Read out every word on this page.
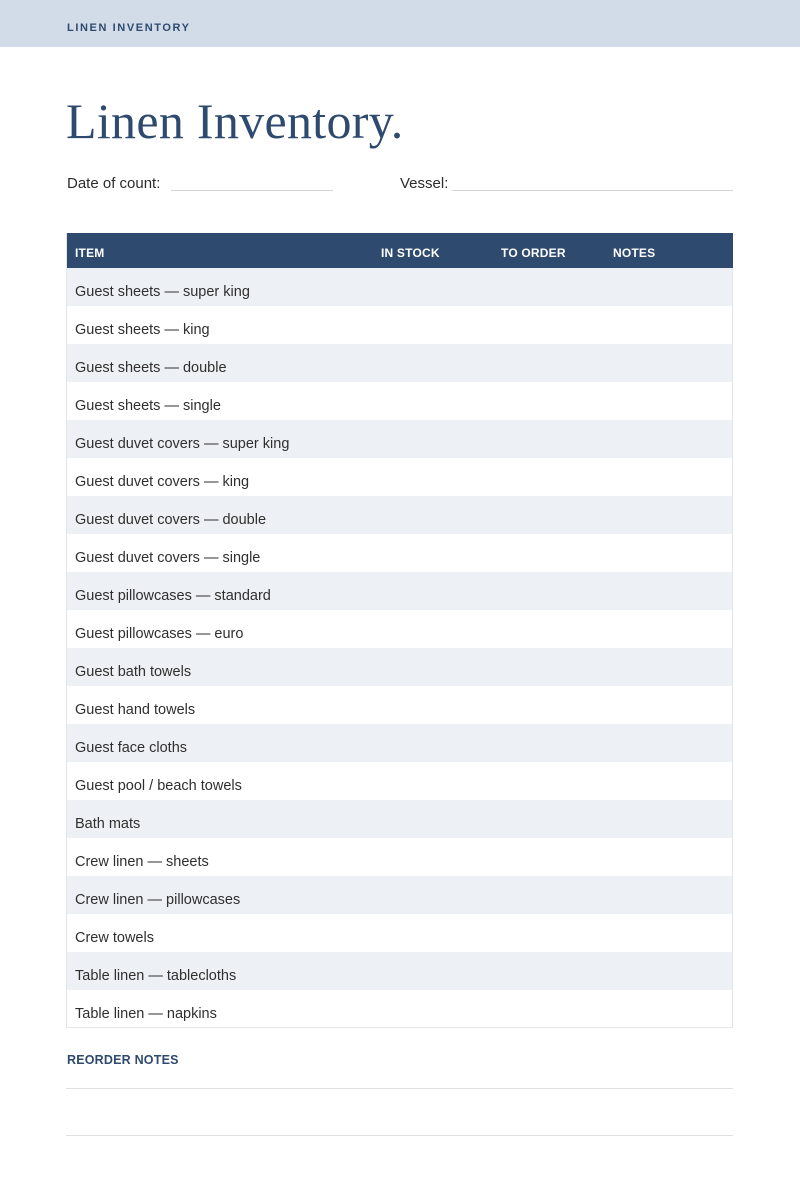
LINEN INVENTORY
Linen Inventory.
Date of count:	Vessel:
ITEM	IN STOCK	TO ORDER	NOTES
Guest sheets — super king
Guest sheets — king
Guest sheets — double
Guest sheets — single
Guest duvet covers — super king
Guest duvet covers — king
Guest duvet covers — double
Guest duvet covers — single
Guest pillowcases — standard
Guest pillowcases — euro
Guest bath towels
Guest hand towels
Guest face cloths
Guest pool / beach towels
Bath mats
Crew linen — sheets
Crew linen — pillowcases
Crew towels
Table linen — tablecloths
Table linen — napkins
REORDER NOTES
